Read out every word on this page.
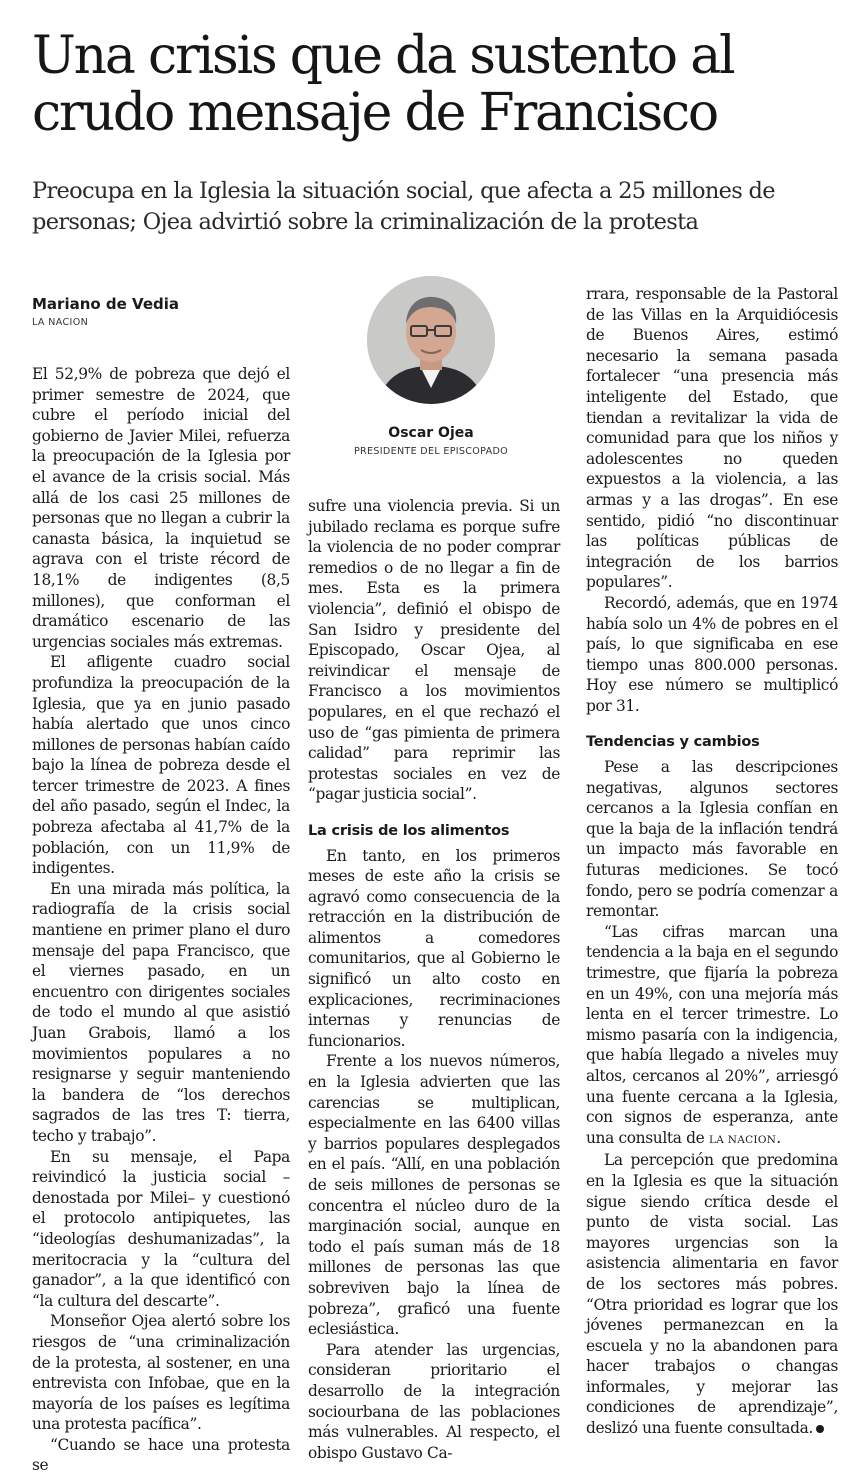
Una crisis que da sustento al crudo mensaje de Francisco

Preocupa en la Iglesia la situación social, que afecta a 25 millones de personas; Ojea advirtió sobre la criminalización de la protesta

Mariano de Vedia
LA NACION
Oscar Ojea
PRESIDENTE DEL EPISCOPADO

El 52,9% de pobreza que dejó el primer semestre de 2024, que cubre el período inicial del gobierno de Javier Milei, refuerza la preocupación de la Iglesia por el avance de la crisis social. Más allá de los casi 25 millones de personas que no llegan a cubrir la canasta básica, la inquietud se agrava con el triste récord de 18,1% de indigentes (8,5 millones), que conforman el dramático escenario de las urgencias sociales más extremas.

El afligente cuadro social profundiza la preocupación de la Iglesia, que ya en junio pasado había alertado que unos cinco millones de personas habían caído bajo la línea de pobreza desde el tercer trimestre de 2023. A fines del año pasado, según el Indec, la pobreza afectaba al 41,7% de la población, con un 11,9% de indigentes.

En una mirada más política, la radiografía de la crisis social mantiene en primer plano el duro mensaje del papa Francisco, que el viernes pasado, en un encuentro con dirigentes sociales de todo el mundo al que asistió Juan Grabois, llamó a los movimientos populares a no resignarse y seguir manteniendo la bandera de “los derechos sagrados de las tres T: tierra, techo y trabajo”.

En su mensaje, el Papa reivindicó la justicia social –denostada por Milei– y cuestionó el protocolo antipiquetes, las “ideologías deshumanizadas”, la meritocracia y la “cultura del ganador”, a la que identificó con “la cultura del descarte”.

Monseñor Ojea alertó sobre los riesgos de “una criminalización de la protesta, al sostener, en una entrevista con Infobae, que en la mayoría de los países es legítima una protesta pacífica”.

“Cuando se hace una protesta se

sufre una violencia previa. Si un jubilado reclama es porque sufre la violencia de no poder comprar remedios o de no llegar a fin de mes. Esta es la primera violencia”, definió el obispo de San Isidro y presidente del Episcopado, Oscar Ojea, al reivindicar el mensaje de Francisco a los movimientos populares, en el que rechazó el uso de “gas pimienta de primera calidad” para reprimir las protestas sociales en vez de “pagar justicia social”.

La crisis de los alimentos

En tanto, en los primeros meses de este año la crisis se agravó como consecuencia de la retracción en la distribución de alimentos a comedores comunitarios, que al Gobierno le significó un alto costo en explicaciones, recriminaciones internas y renuncias de funcionarios.

Frente a los nuevos números, en la Iglesia advierten que las carencias se multiplican, especialmente en las 6400 villas y barrios populares desplegados en el país. “Allí, en una población de seis millones de personas se concentra el núcleo duro de la marginación social, aunque en todo el país suman más de 18 millones de personas las que sobreviven bajo la línea de pobreza”, graficó una fuente eclesiástica.

Para atender las urgencias, consideran prioritario el desarrollo de la integración sociourbana de las poblaciones más vulnerables. Al respecto, el obispo Gustavo Ca-

rrara, responsable de la Pastoral de las Villas en la Arquidiócesis de Buenos Aires, estimó necesario la semana pasada fortalecer “una presencia más inteligente del Estado, que tiendan a revitalizar la vida de comunidad para que los niños y adolescentes no queden expuestos a la violencia, a las armas y a las drogas”. En ese sentido, pidió “no discontinuar las políticas públicas de integración de los barrios populares”.

Recordó, además, que en 1974 había solo un 4% de pobres en el país, lo que significaba en ese tiempo unas 800.000 personas. Hoy ese número se multiplicó por 31.

Tendencias y cambios

Pese a las descripciones negativas, algunos sectores cercanos a la Iglesia confían en que la baja de la inflación tendrá un impacto más favorable en futuras mediciones. Se tocó fondo, pero se podría comenzar a remontar.

“Las cifras marcan una tendencia a la baja en el segundo trimestre, que fijaría la pobreza en un 49%, con una mejoría más lenta en el tercer trimestre. Lo mismo pasaría con la indigencia, que había llegado a niveles muy altos, cercanos al 20%”, arriesgó una fuente cercana a la Iglesia, con signos de esperanza, ante una consulta de LA NACION.

La percepción que predomina en la Iglesia es que la situación sigue siendo crítica desde el punto de vista social. Las mayores urgencias son la asistencia alimentaria en favor de los sectores más pobres. “Otra prioridad es lograr que los jóvenes permanezcan en la escuela y no la abandonen para hacer trabajos o changas informales, y mejorar las condiciones de aprendizaje”, deslizó una fuente consultada.
